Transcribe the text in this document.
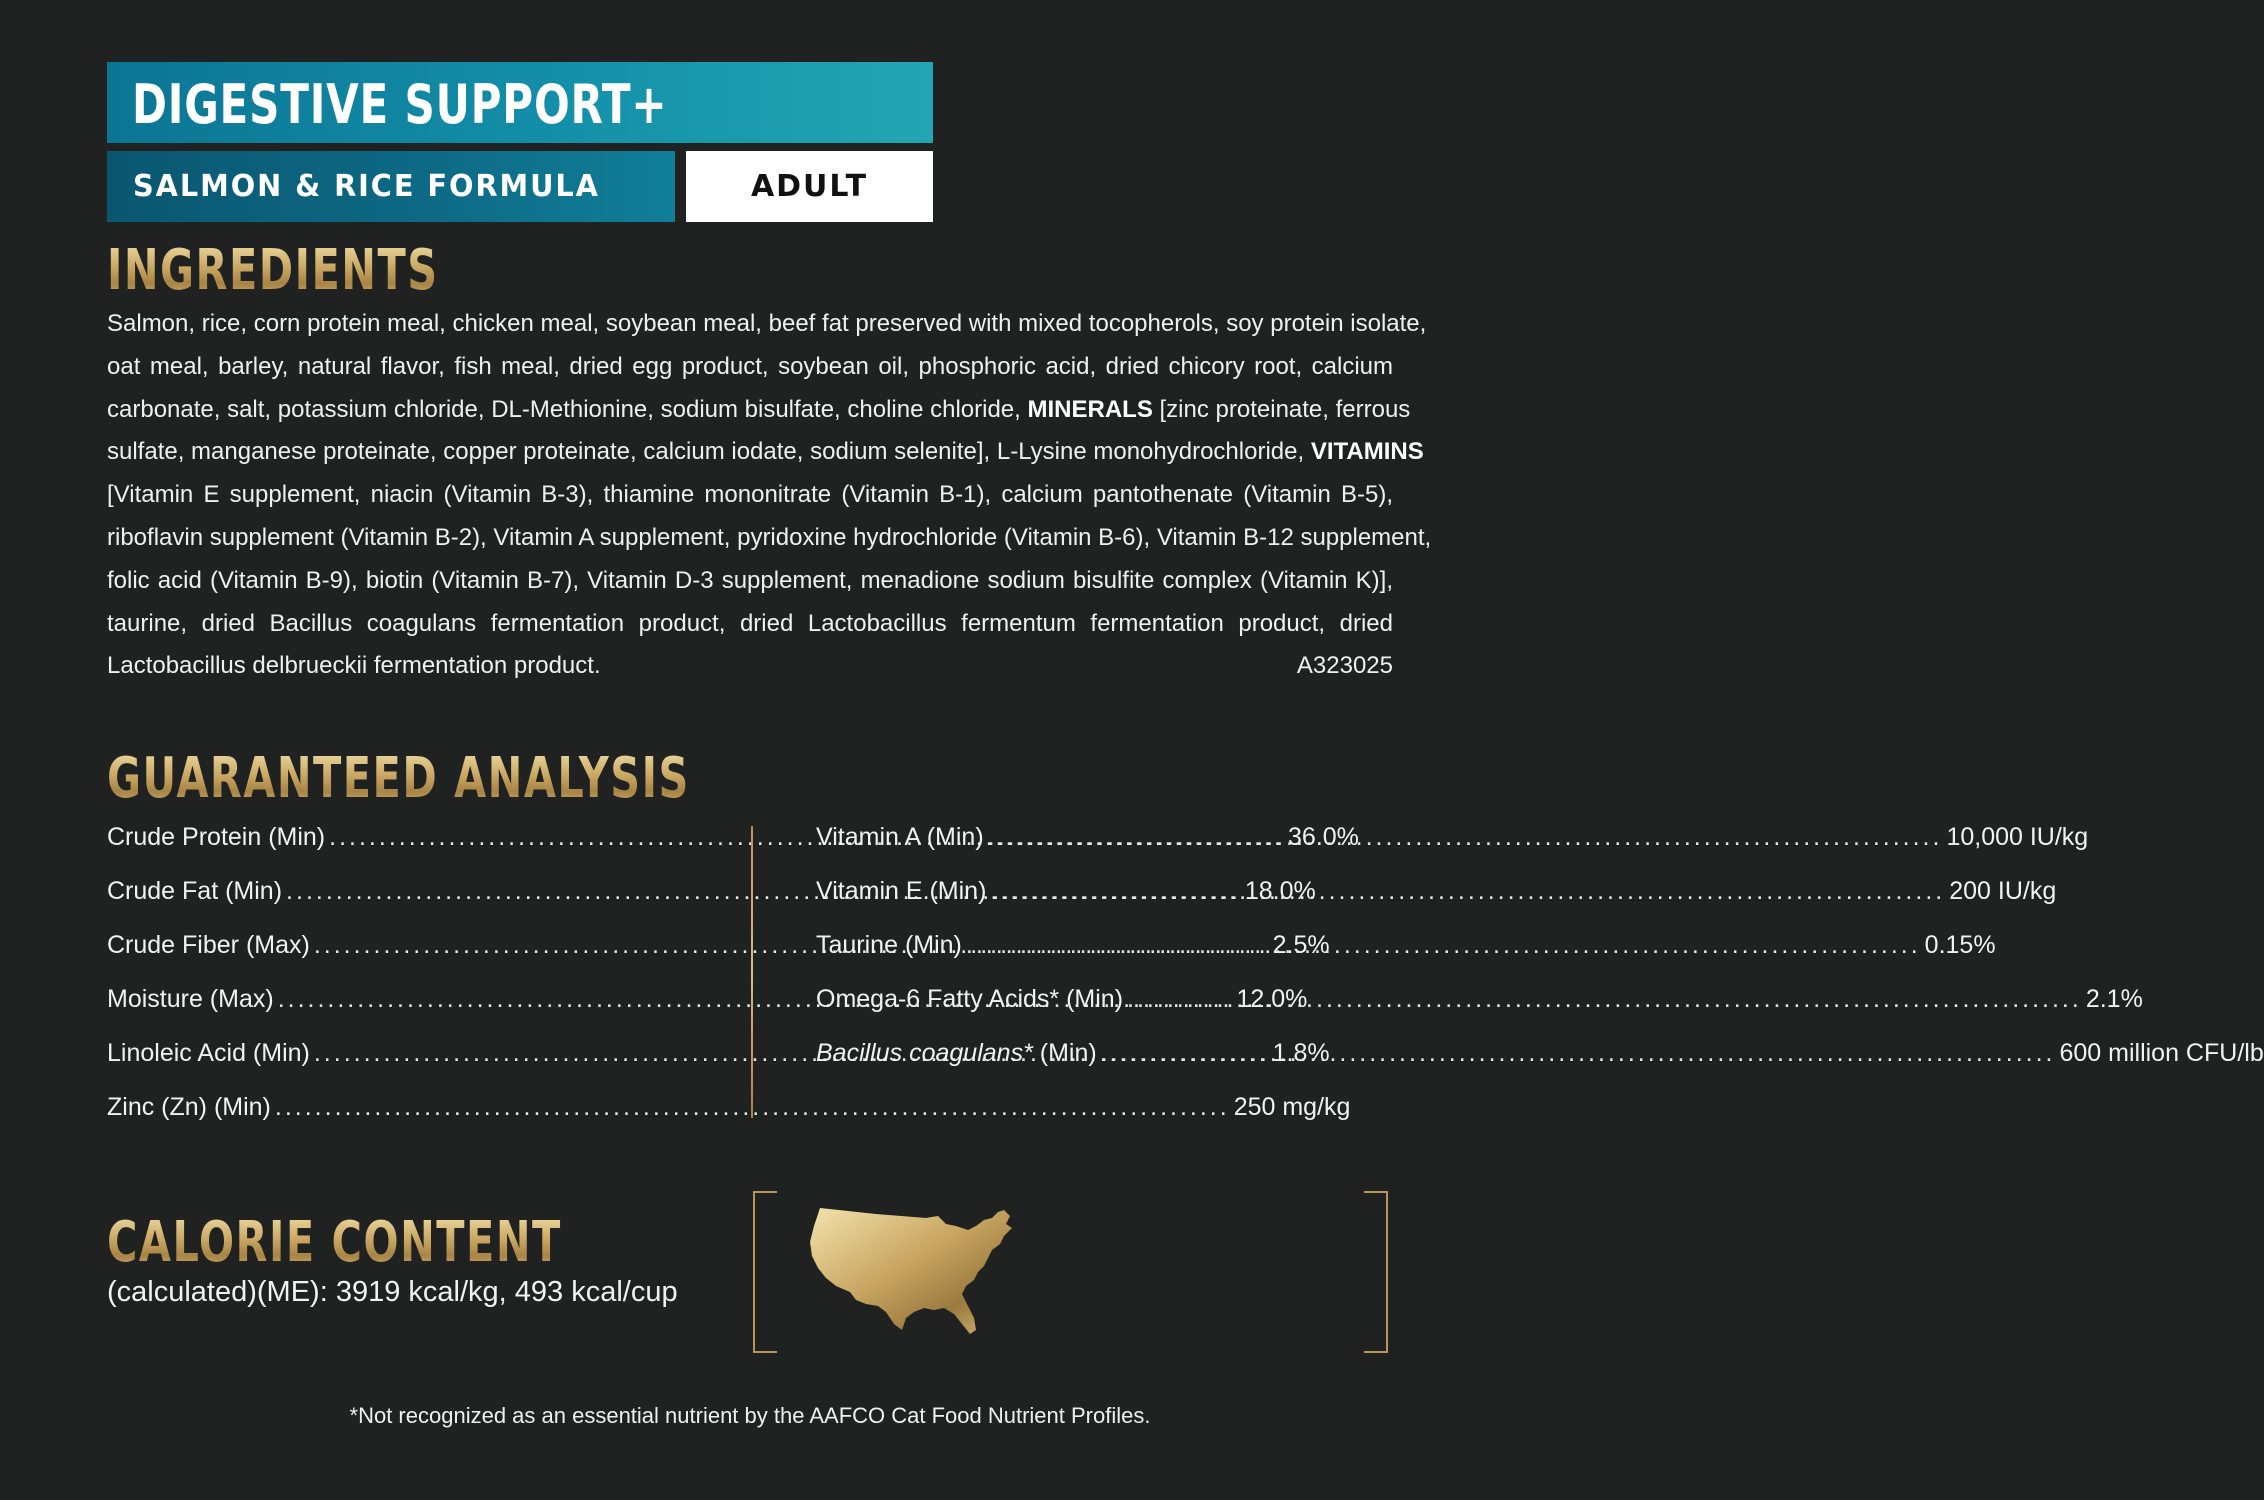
DIGESTIVE SUPPORT+
SALMON & RICE FORMULA	ADULT
INGREDIENTS
Salmon, rice, corn protein meal, chicken meal, soybean meal, beef fat preserved with mixed tocopherols, soy protein isolate,
oat meal, barley, natural flavor, fish meal, dried egg product, soybean oil, phosphoric acid, dried chicory root, calcium
carbonate, salt, potassium chloride, DL-Methionine, sodium bisulfate, choline chloride, MINERALS [zinc proteinate, ferrous
sulfate, manganese proteinate, copper proteinate, calcium iodate, sodium selenite], L-Lysine monohydrochloride, VITAMINS
[Vitamin E supplement, niacin (Vitamin B-3), thiamine mononitrate (Vitamin B-1), calcium pantothenate (Vitamin B-5),
riboflavin supplement (Vitamin B-2), Vitamin A supplement, pyridoxine hydrochloride (Vitamin B-6), Vitamin B-12 supplement,
folic acid (Vitamin B-9), biotin (Vitamin B-7), Vitamin D-3 supplement, menadione sodium bisulfite complex (Vitamin K)],
taurine, dried Bacillus coagulans fermentation product, dried Lactobacillus fermentum fermentation product, dried
Lactobacillus delbrueckii fermentation product.	A323025
GUARANTEED ANALYSIS
Crude Protein (Min) .....	36.0%
Crude Fat (Min) .....	18.0%
Crude Fiber (Max) .....	2.5%
Moisture (Max) .....	12.0%
Linoleic Acid (Min) .....	1.8%
Zinc (Zn) (Min) .....	250 mg/kg
Vitamin A (Min) .....	10,000 IU/kg
Vitamin E (Min) .....	200 IU/kg
Taurine (Min) .....	0.15%
Omega-6 Fatty Acids* (Min) .....	2.1%
Bacillus coagulans* (Min) .....	600 million CFU/lb
CALORIE CONTENT
(calculated)(ME): 3919 kcal/kg, 493 kcal/cup
MADE IN U.S.
FACILITIES
*Not recognized as an essential nutrient by the AAFCO Cat Food Nutrient Profiles.
